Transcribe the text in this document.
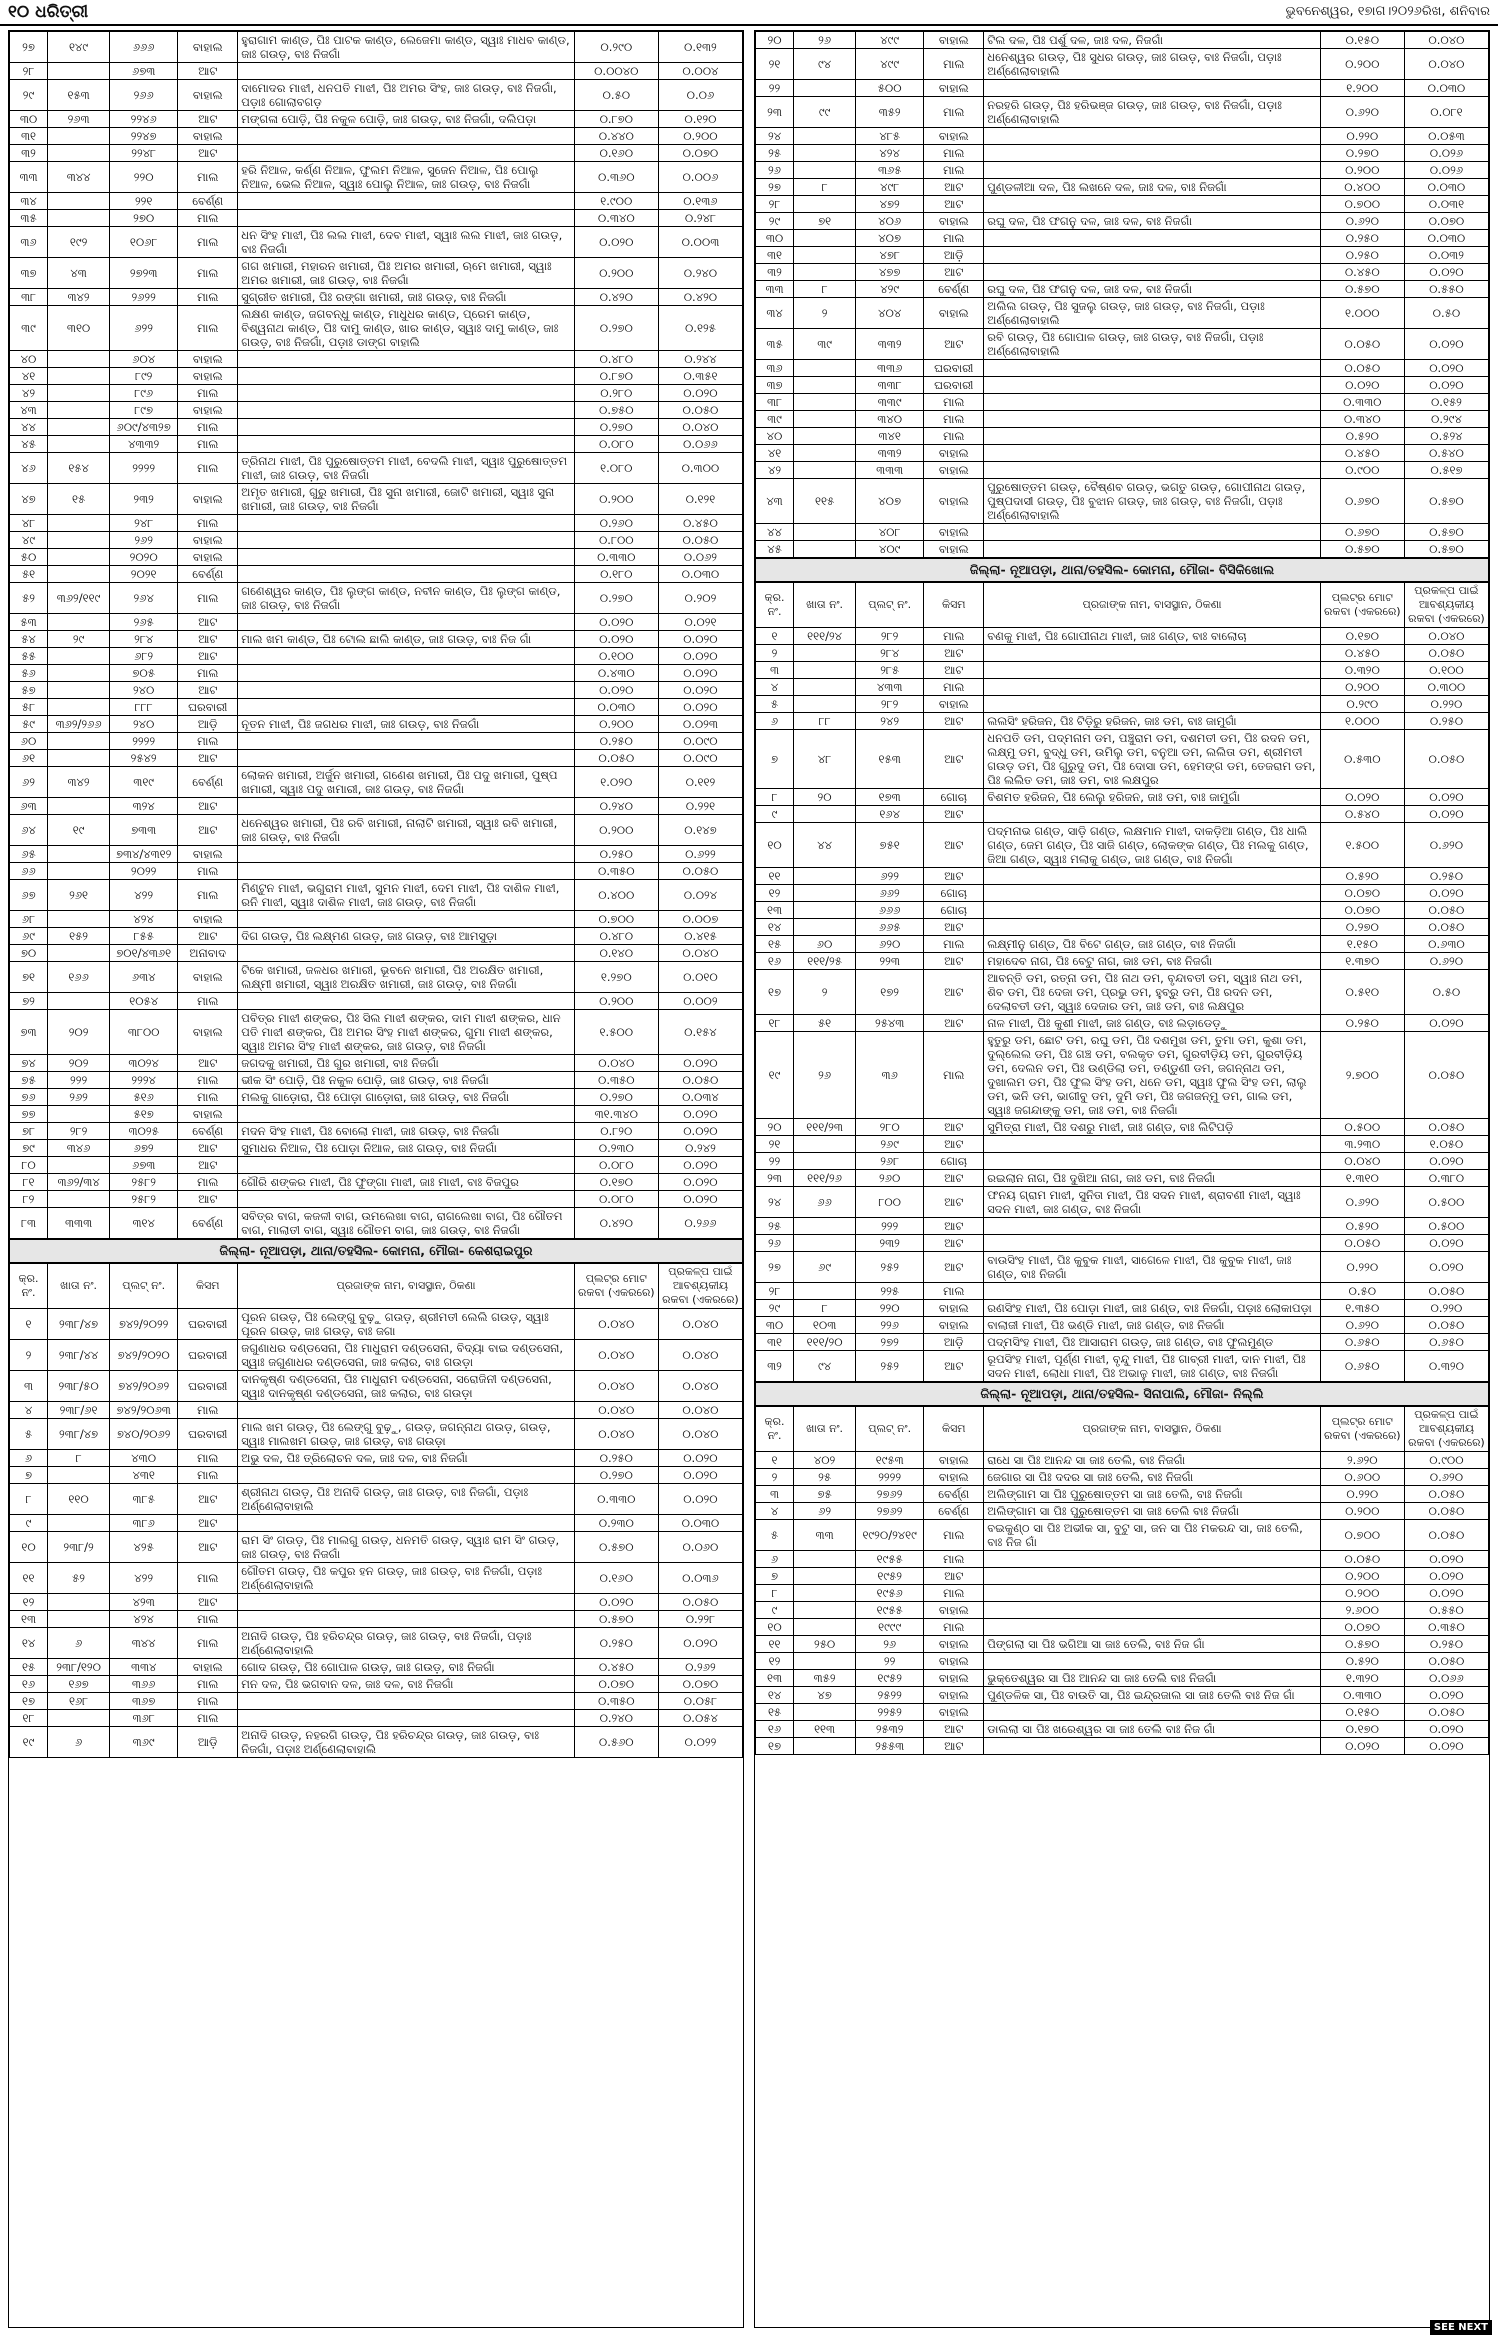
୧୦ ଧରିତ୍ରୀ	ଭୁବନେଶ୍ୱର, ୧୭ାଗ।୨୦୨୬ରିଖ, ଶନିବାର
୨୭	୧୪୯	୬୬୬	ବାହାଲ	ହୁରାଗାମ କାଣ୍ଡ, ପିଃ ପାଟକ କାଣ୍ଡ, ଲେଜେମା କାଣ୍ଡ, ସ୍ୱାଃ ମାଧବ କାଣ୍ଡ, ଜାଃ ଗଉଡ଼, ବାଃ ନିଜଗାଁ	୦.୨୯୦	୦.୧୩୨
୨୮		୬୭୩	ଆଟ		୦.୦୦୪୦	୦.୦୦୪
୨୯	୧୫୩	୨୬୬	ବାହାଲ	ଦାମୋଦର ମାଝୀ, ଧନପତି ମାଝୀ, ପିଃ ଅମର ସିଂହ, ଜାଃ ଗଉଡ଼, ବାଃ ନିଜଗାଁ, ପଡ଼ାଃ ଗୋଲାବଗଡ଼	୦.୫୦	୦.୦୬
୩୦	୨୬୩	୨୨୪୬	ଆଟ	ମଙ୍ଗଳା ପୋଡ଼ି, ପିଃ ନକୁଳ ପୋଡ଼ି, ଜାଃ ଗଉଡ଼, ବାଃ ନିଜଗାଁ, ଦଲିପଡ଼ା	୦.୮୭୦	୦.୧୨୦
୩୧		୨୨୪୭	ବାହାଲ		୦.୪୪୦	୦.୨୦୦
୩୨		୨୨୪୮	ଆଟ		୦.୧୬୦	୦.୦୭୦
୩୩	୩୪୪	୨୨୦	ମାଲ	ହରି ନିଆଳ, କର୍ଣ୍ଣ ନିଆଳ, ଫୁଲମ ନିଆଳ, ସୁଜେନ ନିଆଳ, ପିଃ ପୋଲୁ ନିଆଳ, ଭେଲ ନିଆଳ, ସ୍ୱାଃ ପୋଲୁ ନିଆଳ, ଜାଃ ଗଉଡ଼, ବାଃ ନିଜଗାଁ	୦.୩୬୦	୦.୦୦୬
୩୪		୨୨୧	ବେର୍ଣ୍ଣ		୧.୯୦୦	୦.୧୩୬
୩୫		୨୭୦	ମାଲ		୦.୩୪୦	୦.୨୪୮
୩୬	୧୯୨	୧୦୬୮	ମାଲ	ଧନ ସିଂହ ମାଝୀ, ପିଃ ଲଲ ମାଝୀ, ଦେବ ମାଝୀ, ସ୍ୱାଃ ଲଲ ମାଝୀ, ଜାଃ ଗଉଡ଼, ବାଃ ନିଜଗାଁ	୦.୦୨୦	୦.୦୦୩
୩୭	୪୩	୨୭୨୩	ମାଲ	ଗଗ ଖମାରୀ, ମହାରନ ଖମାରୀ, ପିଃ ଅମର ଖମାରୀ, ଋମେ ଖମାରୀ, ସ୍ୱାଃ ଅମର ଖମାରୀ, ଜାଃ ଗଉଡ଼, ବାଃ ନିଜଗାଁ	୦.୨୦୦	୦.୨୪୦
୩୮	୩୪୨	୨୬୨୨	ମାଲ	ସୁଗ୍ରୀତ ଖମାରୀ, ପିଃ ରଙ୍ଗା ଖମାରୀ, ଜାଃ ଗଉଡ଼, ବାଃ ନିଜଗାଁ	୦.୪୨୦	୦.୪୨୦
୩୯	୩୧୦	୬୨୨	ମାଲ	ଲକ୍ଷଣ କାଣ୍ଡ, ଜଗବନ୍ଧୁ କାଣ୍ଡ, ମାଧୁଧର କାଣ୍ଡ, ପ୍ରେମ କାଣ୍ଡ, ବିଶ୍ୱନାଥ କାଣ୍ଡ, ପିଃ ଦାମୁ କାଣ୍ଡ, ଖାର କାଣ୍ଡ, ସ୍ୱାଃ ଦାମୁ କାଣ୍ଡ, ଜାଃ ଗଉଡ଼, ବାଃ ନିଜଗାଁ, ପଡ଼ାଃ ଡାଙ୍ଗ ବାହାଲି	୦.୨୭୦	୦.୧୨୫
୪୦		୬୦୪	ବାହାଲ		୦.୪୮୦	୦.୨୪୪
୪୧		୮୯୨	ବାହାଲ		୦.୮୭୦	୦.୩୫୧
୪୨		୮୯୬	ମାଲ		୦.୨୮୦	୦.୦୨୦
୪୩		୮୯୭	ବାହାଲ		୦.୭୫୦	୦.୦୫୦
୪୪		୬୦୯/୪୩୨୭	ମାଲ		୦.୨୭୦	୦.୦୪୦
୪୫		୪୩୩୨	ମାଲ		୦.୦୮୦	୦.୦୬୬
୪୬	୧୫୪	୨୨୨୨	ମାଲ	ତ୍ରିନାଥ ମାଝୀ, ପିଃ ପୁରୁଷୋତ୍ତମ ମାଝୀ, ବେଦଲି ମାଝୀ, ସ୍ୱାଃ ପୁରୁଷୋତ୍ତମ ମାଝୀ, ଜାଃ ଗଉଡ଼, ବାଃ ନିଜଗାଁ	୧.୦୮୦	୦.୩୦୦
୪୭	୧୫	୨୩୨	ବାହାଲ	ଅମୃତ ଖମାରୀ, ଗୁରୁ ଖମାରୀ, ପିଃ ସୁନା ଖମାରୀ, ଜୋଟି ଖମାରୀ, ସ୍ୱାଃ ସୁନା ଖମାରୀ, ଜାଃ ଗଉଡ଼, ବାଃ ନିଜଗାଁ	୦.୨୦୦	୦.୧୨୧
୪୮		୨୪୮	ମାଲ		୦.୨୬୦	୦.୪୫୦
୪୯		୨୬୨	ବାହାଲ		୦.୮୦୦	୦.୦୫୦
୫୦		୨୦୨୦	ବାହାଲ		୦.୩୩୦	୦.୦୬୨
୫୧		୨୦୨୧	ବେର୍ଣ୍ଣ		୦.୧୮୦	୦.୦୩୦
୫୨	୩୬୨/୧୧୯	୨୬୪	ମାଲ	ଗଣେଶ୍ୱର କାଣ୍ଡ, ପିଃ ଲୁଙ୍ଗ କାଣ୍ଡ, ନବୀନ କାଣ୍ଡ, ପିଃ ଲୁଙ୍ଗ କାଣ୍ଡ, ଜାଃ ଗଉଡ଼, ବାଃ ନିଜଗାଁ	୦.୨୭୦	୦.୨୦୨
୫୩		୨୬୫	ଆଟ		୦.୦୨୦	୦.୦୨୧
୫୪	୨୯	୨୮୪	ଆଟ	ମାଲ ଖମ କାଣ୍ଡ, ପିଃ ଟୋଲ ଛାଲି କାଣ୍ଡ, ଜାଃ ଗଉଡ଼, ବାଃ ନିଜ ଗାଁ	୦.୦୨୦	୦.୦୨୦
୫୫		୬୮୨	ଆଟ		୦.୧୦୦	୦.୦୨୦
୫୬		୭୦୫	ମାଲ		୦.୪୩୦	୦.୦୨୦
୫୭		୨୪୦	ଆଟ		୦.୦୨୦	୦.୦୨୦
୫୮		୮୮୮	ଘରବାରୀ		୦.୦୩୦	୦.୦୨୦
୫୯	୩୬୨/୨୬୬	୨୪୦	ଆଡ଼ି	ନୂତନ ମାଝୀ, ପିଃ ଜଗଧର ମାଝୀ, ଜାଃ ଗଉଡ଼, ବାଃ ନିଜଗାଁ	୦.୨୦୦	୦.୦୨୩
୬୦		୨୨୨୨	ମାଲ		୦.୨୫୦	୦.୦୯୦
୬୧		୨୫୪୨	ଆଟ		୦.୦୫୦	୦.୦୯୦
୬୨	୩୪୨	୩୧୯	ବେର୍ଣ୍ଣ	ଲୋକନ ଖମାରୀ, ଅର୍ଜୁନ ଖମାରୀ, ଗଣେଶ ଖମାରୀ, ପିଃ ପଦୁ ଖମାରୀ, ପୁଷ୍ପ ଖମାରୀ, ସ୍ୱାଃ ପଦୁ ଖମାରୀ, ଜାଃ ଗଉଡ଼, ବାଃ ନିଜଗାଁ	୧.୦୨୦	୦.୧୧୨
୬୩		୩୨୪	ଆଟ		୦.୨୪୦	୦.୨୨୧
୬୪	୧୯	୭୩୩	ଆଟ	ଧନେଶ୍ୱର ଖମାରୀ, ପିଃ ରବି ଖମାରୀ, ନାଲାଟି ଖମାରୀ, ସ୍ୱାଃ ରବି ଖମାରୀ, ଜାଃ ଗଉଡ଼, ବାଃ ନିଜଗାଁ	୦.୨୦୦	୦.୧୪୭
୬୫		୭୩୪/୪୩୧୨	ବାହାଲ		୦.୨୫୦	୦.୬୨୨
୬୬		୨୦୨୨	ମାଲ		୦.୩୫୦	୦.୦୫୦
୬୭	୨୬୧	୪୨୨	ମାଲ	ମିଣ୍ଟୁନ ମାଝୀ, ଭଗୁରାମ ମାଝୀ, ସୁମନ ମାଝୀ, ଦେମ ମାଝୀ, ପିଃ ଦାଶିଳ ମାଝୀ, ରନି ମାଝୀ, ସ୍ୱାଃ ଦାଶିଳ ମାଝୀ, ଜାଃ ଗଉଡ଼, ବାଃ ନିଜଗାଁ	୦.୪୦୦	୦.୦୨୪
୬୮		୪୨୪	ବାହାଲ		୦.୭୦୦	୦.୦୦୭
୬୯	୧୫୨	୮୫୫	ଆଟ	ଦିଗ ଗଉଡ଼, ପିଃ ଲକ୍ଷ୍ମଣ ଗଉଡ଼, ଜାଃ ଗଉଡ଼, ବାଃ ଆମସୁଡ଼ା	୦.୪୮୦	୦.୪୧୫
୭୦		୭୦୧/୪୩୬୧	ଅନାବାଦ		୦.୧୪୦	୦.୦୪୦
୭୧	୧୬୬	୬୩୪	ବାହାଲ	ଟିକେ ଖମାରୀ, ଜଳଧର ଖମାରୀ, ଭୂବନେ ଖମାରୀ, ପିଃ ଅରକ୍ଷିତ ଖମାରୀ, ଲକ୍ଷ୍ମୀ ଖମାରୀ, ସ୍ୱାଃ ଅରକ୍ଷିତ ଖମାରୀ, ଜାଃ ଗଉଡ଼, ବାଃ ନିଜଗାଁ	୧.୨୭୦	୦.୦୧୦
୭୨		୧୦୫୪	ମାଲ		୦.୨୦୦	୦.୦୦୨
୭୩	୨୦୨	୩୮୦୦	ବାହାଲ	ପବିତ୍ର ମାଝୀ ଶଙ୍କର, ପିଃ ସିଲ ମାଝୀ ଶଙ୍କର, ଦାମ ମାଝୀ ଶଙ୍କର, ଧାନ ପତି ମାଝୀ ଶଙ୍କର, ପିଃ ଅମର ସିଂହ ମାଝୀ ଶଙ୍କର, ଗୁମା ମାଝୀ ଶଙ୍କର, ସ୍ୱାଃ ଅମର ସିଂହ ମାଝୀ ଶଙ୍କର, ଜାଃ ଗଉଡ଼, ବାଃ ନିଜଗାଁ	୧.୫୦୦	୦.୧୫୪
୭୪	୨୦୨	୩୦୨୪	ଆଟ	ଜଗଦକୁ ଖମାରୀ, ପିଃ ଗୁର ଖମାରୀ, ବାଃ ନିଜଗାଁ	୦.୦୪୦	୦.୦୨୦
୭୫	୨୨୨	୨୨୨୪	ମାଲ	ଭୀକ ସିଂ ପୋଡ଼ି, ପିଃ ନକୁଳ ପୋଡ଼ି, ଜାଃ ଗଉଡ଼, ବାଃ ନିଜଗାଁ	୦.୩୫୦	୦.୦୫୦
୭୬	୨୬୨	୫୧୬	ମାଲ	ମଲକୁ ଗାଡ଼ୋରା, ପିଃ ପୋଡ଼ା ଗାଡ଼ୋରା, ଜାଃ ଗଉଡ଼, ବାଃ ନିଜଗାଁ	୦.୨୭୦	୦.୦୩୪
୭୭		୫୧୭	ବାହାଲ		୩୧.୩୪୦	୦.୦୨୦
୭୮	୨୮୨	୩୦୨୫	ବେର୍ଣ୍ଣ	ମଦନ ସିଂହ ମାଝୀ, ପିଃ ବୋଲୋ ମାଝୀ, ଜାଃ ଗଉଡ଼, ବାଃ ନିଜଗାଁ	୦.୮୨୦	୦.୦୨୦
୭୯	୩୪୬	୬୭୨	ଆଟ	ସୁମାଧର ନିଆଳ, ପିଃ ପୋଡ଼ା ନିଆଳ, ଜାଃ ଗଉଡ଼, ବାଃ ନିଜଗାଁ	୦.୨୩୦	୦.୨୪୨
୮୦		୬୭୩	ଆଟ		୦.୦୮୦	୦.୦୨୦
୮୧	୩୬୨/୩୪	୨୫୮୨	ମାଲ	ଗୌରି ଶଙ୍କର ମାଝୀ, ପିଃ ଫୁଙ୍ଗା ମାଝୀ, ଜାଃ ମାଝୀ, ବାଃ ବିଜପୁର	୦.୧୭୦	୦.୦୨୦
୮୨		୨୫୮୨	ଆଟ		୦.୦୮୦	୦.୦୨୦
୮୩	୩୩୩	୩୧୪	ବେର୍ଣ୍ଣ	ସବିତ୍ର ବାଗ, କଜଳୀ ବାଗ, ଉମଲେଖା ବାଗ, ରାଗଲେଖା ବାଗ, ପିଃ ଗୌତମ ବାଗ, ମାଲାତୀ ବାଗ, ସ୍ୱାଃ ଗୌତମ ବାଗ, ଜାଃ ଗଉଡ଼, ବାଃ ନିଜଗାଁ	୦.୪୨୦	୦.୨୬୬
ଜିଲ୍ଲା- ନୂଆପଡ଼ା, ଥାନା/ତହସିଲ- କୋମନା, ମୌଜା- କେଶରାଇପୁର
କ୍ର. ନଂ.	ଖାତା ନଂ.	ପ୍ଲଟ୍ ନଂ.	କିସମ	ପ୍ରଜାଙ୍କ ନାମ, ବାସସ୍ଥାନ, ଠିକଣା	ପ୍ଲଟ୍ର ମୋଟ ରକବା (ଏକରରେ)	ପ୍ରକଳ୍ପ ପାଇଁ ଆବଶ୍ୟକୀୟ ରକବା (ଏକରରେ)
୧	୨୩୮/୪୭	୭୪୨/୨୦୨୨	ଘରବାରୀ	ପୂରନ ଗଉଡ଼, ପିଃ ଲେଙ୍ଗୁ ବୁଢ଼ୁ ଗଉଡ଼, ଶ୍ରୀମତୀ ଲେଲି ଗଉଡ଼, ସ୍ୱାଃ ପୂରନ ଗଉଡ଼, ଜାଃ ଗଉଡ଼, ବାଃ ଜଗା	୦.୦୪୦	୦.୦୪୦
୨	୨୩୮/୪୪	୭୪୨/୨୦୨୦	ଘରବାରୀ	ଜଗୁଣାଧର ଦଣ୍ଡସେନା, ପିଃ ମାଧୁରାମ ଦଣ୍ଡସେନା, ବିଦ୍ୟା ବାଇ ଦଣ୍ଡସେନା, ସ୍ୱାଃ ଜଗୁଣାଧର ଦଣ୍ଡସେନା, ଜାଃ କଲାର, ବାଃ ଗଉଡ଼ା	୦.୦୪୦	୦.୦୪୦
୩	୨୩୮/୫୦	୭୪୨/୨୦୬୨	ଘରବାରୀ	ଦାନକୃଷ୍ଣ ଦଣ୍ଡସେନା, ପିଃ ମାଧୁରାମ ଦଣ୍ଡସେନା, ସରୋଜିନୀ ଦଣ୍ଡସେନା, ସ୍ୱାଃ ଦାନକୃଷ୍ଣ ଦଣ୍ଡସେନା, ଜାଃ କଲାର, ବାଃ ଗଉଡ଼ା	୦.୦୪୦	୦.୦୪୦
୪	୨୩୮/୬୧	୭୪୨/୨୦୬୩	ମାଲ		୦.୦୪୦	୦.୦୪୦
୫	୨୩୮/୪୭	୭୪୦/୨୦୬୨	ଘରବାରୀ	ମାଲ ଖମ ଗଉଡ଼, ପିଃ ଲେଙ୍ଗୁ ବୁଢ଼ୁ, ଗଉଡ଼, ଜଗନ୍ନାଥ ଗଉଡ଼, ଗଉଡ଼, ସ୍ୱାଃ ମାଲଖମ ଗଉଡ଼, ଜାଃ ଗଉଡ଼, ବାଃ ଗଉଡ଼ା	୦.୦୪୦	୦.୦୪୦
୬	୮	୪୩୦	ମାଲ	ଅଭୁ ଦଳ, ପିଃ ତ୍ରିଲୋଚନ ଦଳ, ଜାଃ ଦଳ, ବାଃ ନିଜଗାଁ	୦.୨୫୦	୦.୦୨୦
୭		୪୩୧	ମାଲ		୦.୨୭୦	୦.୦୨୦
୮	୧୧୦	୩୮୫	ଆଟ	ଶ୍ରୀନାଥ ଗଉଡ଼, ପିଃ ଅନାଦି ଗଉଡ଼, ଜାଃ ଗଉଡ଼, ବାଃ ନିଜଗାଁ, ପଡ଼ାଃ ଅର୍ଣ୍ଣେଲାବାହାଲି	୦.୩୩୦	୦.୦୨୦
୯		୩୮୬	ଆଟ		୦.୨୩୦	୦.୦୩୦
୧୦	୨୩୮/୨	୪୨୫	ଆଟ	ରାମ ସିଂ ଗଉଡ଼, ପିଃ ମାଲଗୁ ଗଉଡ଼, ଧନମତି ଗଉଡ଼, ସ୍ୱାଃ ରାମ ସିଂ ଗଉଡ଼, ଜାଃ ଗଉଡ଼, ବାଃ ନିଜଗାଁ	୦.୫୭୦	୦.୦୬୦
୧୧	୫୨	୪୨୨	ମାଲ	ଗୌତମ ଗଉଡ଼, ପିଃ କପୁର ହନ ଗଉଡ଼, ଜାଃ ଗଉଡ଼, ବାଃ ନିଜଗାଁ, ପଡ଼ାଃ ଅର୍ଣ୍ଣେଲାବାହାଲି	୦.୧୬୦	୦.୦୩୬
୧୨		୪୨୩	ଆଟ		୦.୦୨୦	୦.୦୫୦
୧୩		୪୨୪	ମାଲ		୦.୫୭୦	୦.୨୨୮
୧୪	୬	୩୪୪	ମାଲ	ଅନାଦି ଗଉଡ଼, ପିଃ ହରିଚନ୍ଦ୍ର ଗଉଡ଼, ଜାଃ ଗଉଡ଼, ବାଃ ନିଜଗାଁ, ପଡ଼ାଃ ଅର୍ଣ୍ଣେଲାବାହାଲି	୦.୨୫୦	୦.୦୨୦
୧୫	୨୩୮/୧୨୦	୩୩୪	ବାହାଲ	ଗୋଦ ଗଉଡ଼, ପିଃ ଗୋପାଳ ଗଉଡ଼, ଜାଃ ଗଉଡ଼, ବାଃ ନିଜଗାଁ	୦.୪୫୦	୦.୨୬୨
୧୬	୧୬୭	୩୬୬	ମାଲ	ମନ ଦଳ, ପିଃ ଭଗବାନ ଦଳ, ଜାଃ ଦଳ, ବାଃ ନିଜଗାଁ	୦.୦୭୦	୦.୦୭୦
୧୭	୧୬୮	୩୬୭	ମାଲ		୦.୩୫୦	୦.୦୫୮
୧୮		୩୬୮	ମାଲ		୦.୨୪୦	୦.୦୫୪
୧୯	୬	୩୬୯	ଆଡ଼ି	ଅନାଦି ଗଉଡ଼, ନହରଗି ଗଉଡ଼, ପିଃ ହରିଚନ୍ଦ୍ର ଗଉଡ଼, ଜାଃ ଗଉଡ଼, ବାଃ ନିଜଗାଁ, ପଡ଼ାଃ ଅର୍ଣ୍ଣେଲାବାହାଲି	୦.୫୬୦	୦.୦୨୨
୨୦	୨୬	୪୯୯	ବାହାଲ	ଟିଲ ଦଳ, ପିଃ ପର୍ଶୁ ଦଳ, ଜାଃ ଦଳ, ନିଜଗାଁ	୦.୧୫୦	୦.୦୪୦
୨୧	୯୪	୪୯୯	ମାଲ	ଧନେଶ୍ୱର ଗଉଡ଼, ପିଃ ସୁଧର ଗଉଡ଼, ଜାଃ ଗଉଡ଼, ବାଃ ନିଜଗାଁ, ପଡ଼ାଃ ଅର୍ଣ୍ଣେଲାବାହାଲି	୦.୨୦୦	୦.୦୪୦
୨୨		୫୦୦	ବାହାଲ		୧.୨୦୦	୦.୦୩୦
୨୩	୯୯	୩୫୨	ମାଲ	ନରହରି ଗଉଡ଼, ପିଃ ହରିଭଞ୍ଜ ଗଉଡ଼, ଜାଃ ଗଉଡ଼, ବାଃ ନିଜଗାଁ, ପଡ଼ାଃ ଅର୍ଣ୍ଣେଲାବାହାଲି	୦.୬୨୦	୦.୦୮୧
୨୪		୪୮୫	ବାହାଲ		୦.୨୨୦	୦.୦୫୩
୨୫		୪୨୪	ମାଲ		୦.୨୭୦	୦.୦୨୬
୨୬		୩୬୫	ମାଲ		୦.୨୦୦	୦.୦୨୬
୨୭	୮	୪୯୮	ଆଟ	ପୁଣ୍ଡଳୀଆ ଦଳ, ପିଃ ଲଖନେ ଦଳ, ଜାଃ ଦଳ, ବାଃ ନିଜଗାଁ	୦.୪୦୦	୦.୦୩୦
୨୮		୪୭୨	ଆଟ		୦.୭୦୦	୦.୦୩୧
୨୯	୭୧	୪୦୬	ବାହାଲ	ରଘୁ ଦଳ, ପିଃ ଫଗନୁ ଦଳ, ଜାଃ ଦଳ, ବାଃ ନିଜଗାଁ	୦.୬୨୦	୦.୦୭୦
୩୦		୪୦୭	ମାଲ		୦.୨୫୦	୦.୦୩୦
୩୧		୪୭୮	ଆଡ଼ି		୦.୨୫୦	୦.୦୩୨
୩୨		୪୭୭	ଆଟ		୦.୪୫୦	୦.୦୨୦
୩୩	୮	୪୨୯	ବେର୍ଣ୍ଣ	ରଘୁ ଦଳ, ପିଃ ଫଗନୁ ଦଳ, ଜାଃ ଦଳ, ବାଃ ନିଜଗାଁ	୦.୫୭୦	୦.୫୫୦
୩୪	୨	୪୦୪	ବାହାଲ	ଅଲିଲ ଗଉଡ଼, ପିଃ ସୁଜଲୁ ଗଉଡ଼, ଜାଃ ଗଉଡ଼, ବାଃ ନିଜଗାଁ, ପଡ଼ାଃ ଅର୍ଣ୍ଣେଲାବାହାଲି	୧.୦୦୦	୦.୫୦
୩୫	୩୯	୩୩୨	ଆଟ	ରବି ଗଉଡ଼, ପିଃ ଗୋପାଳ ଗଉଡ଼, ଜାଃ ଗଉଡ଼, ବାଃ ନିଜଗାଁ, ପଡ଼ାଃ ଅର୍ଣ୍ଣେଲାବାହାଲି	୦.୦୫୦	୦.୦୨୦
୩୬		୩୩୬	ଘରବାରୀ		୦.୦୫୦	୦.୦୨୦
୩୭		୩୩୮	ଘରବାରୀ		୦.୦୨୦	୦.୦୨୦
୩୮		୩୩୯	ମାଲ		୦.୩୩୦	୦.୧୫୨
୩୯		୩୪୦	ମାଲ		୦.୩୪୦	୦.୨୯୪
୪୦		୩୪୧	ମାଲ		୦.୫୨୦	୦.୫୨୪
୪୧		୩୩୨	ବାହାଲ		୦.୪୫୦	୦.୫୪୦
୪୨		୩୩୩	ବାହାଲ		୦.୯୦୦	୦.୫୧୭
୪୩	୧୧୫	୪୦୭	ବାହାଲ	ପୁରୁଷୋତ୍ତମ ଗଉଡ଼, ବୈଷ୍ଣବ ଗଉଡ଼, ଭଗତୁ ଗଉଡ଼, ଗୋପୀନାଥ ଗଉଡ଼, ପୁଷ୍ପଦାସୀ ଗଉଡ଼, ପିଃ ବୁଝାନ ଗଉଡ଼, ଜାଃ ଗଉଡ଼, ବାଃ ନିଜଗାଁ, ପଡ଼ାଃ ଅର୍ଣ୍ଣେଲାବାହାଲି	୦.୬୭୦	୦.୫୭୦
୪୪		୪୦୮	ବାହାଲ		୦.୬୭୦	୦.୫୭୦
୪୫		୪୦୯	ବାହାଲ		୦.୫୭୦	୦.୫୭୦
ଜିଲ୍ଲା- ନୂଆପଡ଼ା, ଥାନା/ତହସିଲ- କୋମନା, ମୌଜା- ବିସିକିଖୋଲ
କ୍ର. ନଂ.	ଖାତା ନଂ.	ପ୍ଲଟ୍ ନଂ.	କିସମ	ପ୍ରଜାଙ୍କ ନାମ, ବାସସ୍ଥାନ, ଠିକଣା	ପ୍ଲଟ୍ର ମୋଟ ରକବା (ଏକରରେ)	ପ୍ରକଳ୍ପ ପାଇଁ ଆବଶ୍ୟକୀୟ ରକବା (ଏକରରେ)
୧	୧୧୧/୨୪	୨୮୨	ମାଲ	ବଣକୁ ମାଝୀ, ପିଃ ଗୋପୀନାଥ ମାଝୀ, ଜାଃ ଗଣ୍ଡ, ବାଃ ବାଲୋଚା	୦.୧୭୦	୦.୦୪୦
୨		୨୮୪	ଆଟ		୦.୪୫୦	୦.୦୫୦
୩		୨୮୫	ଆଟ		୦.୩୨୦	୦.୧୦୦
୪		୪୩୩	ମାଲ		୦.୨୦୦	୦.୩୦୦
୫		୨୮୨	ବାହାଲ		୦.୨୯୦	୦.୨୨୦
୬	୮୮	୨୪୨	ଆଟ	ଲଲସିଂ ହରିଜନ, ପିଃ ଟିଡ଼ିରୁ ହରିଜନ, ଜାଃ ଡମ, ବାଃ ଜାମୁଗାଁ	୧.୦୦୦	୦.୨୫୦
୭	୪୮	୧୫୩	ଆଟ	ଧନପତି ଡମ, ପଦ୍ମନାମ ଡମ, ପଞ୍ଚୁରାମ ଡମ, ଦଶମତୀ ଡମ, ପିଃ ରଦନ ଡମ, ଲକ୍ଷ୍ମୁ ଡମ, ବୁଦ୍ଧୁ ଡମ, ଉମିଲୁ ଡମ, ବନୁଆ ଡମ, ଲଲିତା ଡମ, ଶ୍ରୀମତୀ ଗଉଡ଼ ଡମ, ପିଃ ଗୁରୁଦୁ ଡମ, ପିଃ ଦୋସା ଡମ, ହେମଙ୍ଗ ଡମ, ତେଜରାମ ଡମ, ପିଃ ଲଲିତ ଡମ, ଜାଃ ଡମ, ବାଃ ଲକ୍ଷପୁର	୦.୫୩୦	୦.୦୫୦
୮	୨୦	୧୭୩	ଗୋଚା	ବିଶମତ ହରିଜନ, ପିଃ ଲେଲୁ ହରିଜନ, ଜାଃ ଡମ, ବାଃ ଜାମୁଗାଁ	୦.୦୨୦	୦.୦୨୦
୯		୧୬୪	ଆଟ		୦.୫୪୦	୦.୦୨୦
୧୦	୪୪	୭୫୧	ଆଟ	ପଦ୍ମନାଭ ଗଣ୍ଡ, ସାଡ଼ି ଗଣ୍ଡ, ଲକ୍ଷମାନ ମାଝୀ, ଦାକଡ଼ିଆ ଗଣ୍ଡ, ପିଃ ଧାଲି ଗଣ୍ଡ, ଜେମ ଗଣ୍ଡ, ପିଃ ସାଜି ଗଣ୍ଡ, ଲୋକଙ୍କ ଗଣ୍ଡ, ପିଃ ମଲକୁ ଗଣ୍ଡ, ଜିଆ ଗଣ୍ଡ, ସ୍ୱାଃ ମଲାକୁ ଗଣ୍ଡ, ଜାଃ ଗଣ୍ଡ, ବାଃ ନିଜଗାଁ	୧.୫୦୦	୦.୬୨୦
୧୧		୬୨୨	ଆଟ		୦.୫୨୦	୦.୨୫୦
୧୨		୬୬୨	ଗୋଚା		୦.୦୭୦	୦.୦୨୦
୧୩		୬୬୬	ଗୋଚା		୦.୦୭୦	୦.୦୫୦
୧୪		୬୬୫	ଆଟ		୦.୨୭୦	୦.୦୫୦
୧୫	୬୦	୬୨୦	ମାଲ	ଲକ୍ଷ୍ମୀନୁ ଗଣ୍ଡ, ପିଃ ବିଟେ ଗଣ୍ଡ, ଜାଃ ଗଣ୍ଡ, ବାଃ ନିଜଗାଁ	୧.୧୫୦	୦.୬୩୦
୧୬	୧୧୧/୨୫	୨୨୩	ଆଟ	ମହାଦେବ ନାଗ, ପିଃ ବେଟୁ ନାଗ, ଜାଃ ଡମ, ବାଃ ନିଜଗାଁ	୧.୩୭୦	୦.୬୨୦
୧୭	୨	୧୭୨	ଆଟ	ଆବନ୍ତି ଡମ, ରତ୍ନା ଡମ, ପିଃ ନାଥ ଡମ, ବୃନ୍ଦାବତୀ ଡମ, ସ୍ୱାଃ ନାଥ ଡମ, ଶିବ ଡମ, ପିଃ ଦେଜା ଡମ, ପ୍ରଭୁ ଡମ, ହୁବ୍ରୁ ଡମ, ପିଃ ରଦନ ଡମ, ଦେଲାବତୀ ଡମ, ସ୍ୱାଃ ଦେଜାର ଡମ, ଜାଃ ଡମ, ବାଃ ଲକ୍ଷପୁର	୦.୫୧୦	୦.୫୦
୧୮	୫୧	୨୫୪୩	ଆଟ	ନାଳ ମାଝୀ, ପିଃ କୁଶୀ ମାଝୀ, ଜାଃ ଗଣ୍ଡ, ବାଃ ଲଡ଼ାଡେଡ଼ୁ	୦.୨୫୦	୦.୦୨୦
୧୯	୨୬	୩୬	ମାଲ	ହୁତୁରୁ ଡମ, ଛୋଟ ଡମ, ରଘୁ ଡମ, ପିଃ ଦଶମୁଖ ଡମ, ତୁମା ଡମ, କୁଶା ଡମ, ଦୁଲ୍ଲେଲ ଡମ, ପିଃ ଗଞ୍ଚ ଡମ, ବଲକୃତ ଡମ, ଗୁରବୀଡ଼ିୟ ଡମ, ଗୁରବୀଡ଼ିୟ ଡମ, ଦେଲନ ଡମ, ପିଃ ଉଣ୍ଡିଲା ଡମ, ତଣ୍ଡୁଣୀ ଡମ, ଜଗନ୍ନାଥ ଡମ, ଦୁଖାଲମ ଡମ, ପିଃ ଫୁଲ ସିଂହ ଡମ, ଧନେ ଡମ, ସ୍ୱାଃ ଫୁଲ ସିଂହ ଡମ, ଲାଲୁ ଡମ, ଭନି ଡମ, ଭାଗୀବୁ ଡମ, ଦୁମି ଡମ, ପିଃ ଜଗଜନ୍ମୁ ଡମ, ଗାଲ ଡମ, ସ୍ୱାଃ ଜଗନ୍ଦାଙ୍କୁ ଡମ, ଜାଃ ଡମ, ବାଃ ନିଜଗାଁ	୨.୭୦୦	୦.୦୫୦
୨୦	୧୧୧/୨୩	୨୮୦	ଆଟ	ସୁମିତ୍ରା ମାଝୀ, ପିଃ ଦଶରୁ ମାଝୀ, ଜାଃ ଗଣ୍ଡ, ବାଃ ଲିଟିପଡ଼ି	୦.୫୦୦	୦.୦୫୦
୨୧		୨୬୯	ଆଟ		୩.୨୩୦	୧.୦୫୦
୨୨		୨୬୮	ଗୋଚା		୦.୦୪୦	୦.୦୨୦
୨୩	୧୧୧/୨୬	୨୬୦	ଆଟ	ରଇଲାନ ନାଗ, ପିଃ ଦୁଖିଆ ନାଗ, ଜାଃ ଡମ, ବାଃ ନିଜଗାଁ	୧.୩୧୦	୦.୩୮୦
୨୪	୬୬	୮୦୦	ଆଟ	ଫନୟ ଗ୍ରାମ ମାଝୀ, ସୁନିତା ମାଝୀ, ପିଃ ସଦନ ମାଝୀ, ଶ୍ରାବଣୀ ମାଝୀ, ସ୍ୱାଃ ସଦନ ମାଝୀ, ଜାଃ ଗଣ୍ଡ, ବାଃ ନିଜଗାଁ	୦.୬୨୦	୦.୫୦୦
୨୫		୨୨୨	ଆଟ		୦.୫୨୦	୦.୫୦୦
୨୬		୨୩୨	ଆଟ		୦.୦୫୦	୦.୦୨୦
୨୭	୬୯	୨୫୨	ଆଟ	ବାଉସିଂହ ମାଝୀ, ପିଃ କୁବୁକ ମାଝୀ, ସାଗେଳେ ମାଝୀ, ପିଃ କୁବୁକ ମାଝୀ, ଜାଃ ଗଣ୍ଡ, ବାଃ ନିଜଗାଁ	୦.୨୨୦	୦.୦୨୦
୨୮		୨୨୫	ମାଲ		୦.୫୦	୦.୦୫୦
୨୯	୮	୨୨୦	ବାହାଲ	ରଣସିଂହ ମାଝୀ, ପିଃ ପୋଡ଼ା ମାଝୀ, ଜାଃ ଗଣ୍ଡ, ବାଃ ନିଜଗାଁ, ପଡ଼ାଃ ଲୋକାପଡ଼ା	୧.୩୫୦	୦.୨୨୦
୩୦	୧୦୩	୨୨୬	ବାହାଲ	ବାଲାଜୀ ମାଝୀ, ପିଃ ଭଣ୍ଡି ମାଝୀ, ଜାଃ ଗଣ୍ଡ, ବାଃ ନିଜଗାଁ	୦.୬୨୦	୦.୦୫୦
୩୧	୧୧୧/୨୦	୨୭୨	ଆଡ଼ି	ପଦ୍ମସିଂହ ମାଝୀ, ପିଃ ଆସାରାମ ଗଉଡ଼, ଜାଃ ଗଣ୍ଡ, ବାଃ ଫୁଲମୁଣ୍ଡ	୦.୬୫୦	୦.୬୫୦
୩୨	୯୪	୨୫୨	ଆଟ	ରୂପସିଂହ ମାଝୀ, ପୂର୍ଣ୍ଣ ମାଝୀ, ବୃନ୍ଦୁ ମାଝୀ, ପିଃ ଗାବ୍ରୀ ମାଝୀ, ଦାନ ମାଝୀ, ପିଃ ସଦନ ମାଝୀ, ଲୋଧା ମାଝୀ, ପିଃ ଅଭାଳୁ ମାଝୀ, ଜାଃ ଗଣ୍ଡ, ବାଃ ନିଜଗାଁ	୦.୬୫୦	୦.୩୨୦
ଜିଲ୍ଲା- ନୂଆପଡ଼ା, ଥାନା/ତହସିଲ- ସିନାପାଲି, ମୌଜା- ନିଲ୍ଲି
କ୍ର. ନଂ.	ଖାତା ନଂ.	ପ୍ଲଟ୍ ନଂ.	କିସମ	ପ୍ରଜାଙ୍କ ନାମ, ବାସସ୍ଥାନ, ଠିକଣା	ପ୍ଲଟ୍ର ମୋଟ ରକବା (ଏକରରେ)	ପ୍ରକଳ୍ପ ପାଇଁ ଆବଶ୍ୟକୀୟ ରକବା (ଏକରରେ)
୧	୪୦୨	୧୯୫୩	ବାହାଲ	ରାଧେ ସା ପିଃ ଆନନ୍ଦ ସା ଜାଃ ତେଲି, ବାଃ ନିଜଗାଁ	୨.୬୨୦	୦.୯୦୦
୨	୨୫	୨୨୨୨	ବାହାଲ	ଜେଗାର ସା ପିଃ ଦଦର ସା ଜାଃ ତେଲି, ବାଃ ନିଜଗାଁ	୦.୬୦୦	୦.୬୨୦
୩	୭୫	୨୭୬୨	ବେର୍ଣ୍ଣ	ଅଲିଙ୍ଗାମ ସା ପିଃ ପୁରୁଷୋତ୍ତମ ସା ଜାଃ ତେଲି, ବାଃ ନିଜଗାଁ	୦.୨୨୦	୦.୦୫୦
୪	୬୨	୨୭୬୨	ବେର୍ଣ୍ଣ	ଅଲିଙ୍ଗାମ ସା ପିଃ ପୁରୁଷୋତ୍ତମ ସା ଜାଃ ତେଲି ବାଃ ନିଜଗାଁ	୦.୨୦୦	୦.୦୫୦
୫	୩୩	୧୯୨୦/୨୪୧୯	ମାଲ	ବଇକୁଣ୍ଠ ସା ପିଃ ଅଭୀକ ସା, ବୁଟୁ ସା, ଜନ ସା ପିଃ ମକରନ୍ଦ ସା, ଜାଃ ତେଲି, ବାଃ ନିଜ ଗାଁ	୦.୭୦୦	୦.୦୫୦
୬		୧୯୫୫	ମାଲ		୦.୦୫୦	୦.୦୨୦
୭		୧୯୫୨	ଆଟ		୦.୨୦୦	୦.୦୨୦
୮		୧୯୫୬	ମାଲ		୦.୨୦୦	୦.୦୨୦
୯		୧୯୫୫	ବାହାଲ		୨.୬୦୦	୦.୫୫୦
୧୦		୧୯୯୯	ମାଲ		୦.୦୭୦	୦.୩୫୦
୧୧	୨୫୦	୨୬	ବାହାଲ	ପିଙ୍ଗଲା ସା ପିଃ ଭଗିଆ ସା ଜାଃ ତେଲି, ବାଃ ନିଜ ଗାଁ	୦.୫୭୦	୦.୨୫୦
୧୨		୨୨	ବାହାଲ		୦.୫୨୦	୦.୦୫୦
୧୩	୩୫୨	୧୯୫୨	ବାହାଲ	ଭୁକ୍ତେଶ୍ୱର ସା ପିଃ ଆନନ୍ଦ ସା ଜାଃ ତେଲି ବାଃ ନିଜଗାଁ	୧.୩୨୦	୦.୦୬୬
୧୪	୪୭	୨୫୨୨	ବାହାଲ	ପୁଣ୍ଡଳିକ ସା, ପିଃ ବାଉତି ସା, ପିଃ ଇନ୍ଦ୍ରଜାଲ ସା ଜାଃ ତେଲି ବାଃ ନିଜ ଗାଁ	୦.୩୩୦	୦.୦୨୦
୧୫		୨୨୫୨	ବାହାଲ		୦.୧୫୦	୦.୦୫୦
୧୬	୧୧୩	୨୫୩୨	ଆଟ	ଡାଲଲା ସା ପିଃ ଖରେଶ୍ୱର ସା ଜାଃ ତେଲି ବାଃ ନିଜ ଗାଁ	୦.୧୭୦	୦.୦୨୦
୧୭		୨୫୫୩	ଆଟ		୦.୦୨୦	୦.୦୨୦
SEE NEXT
